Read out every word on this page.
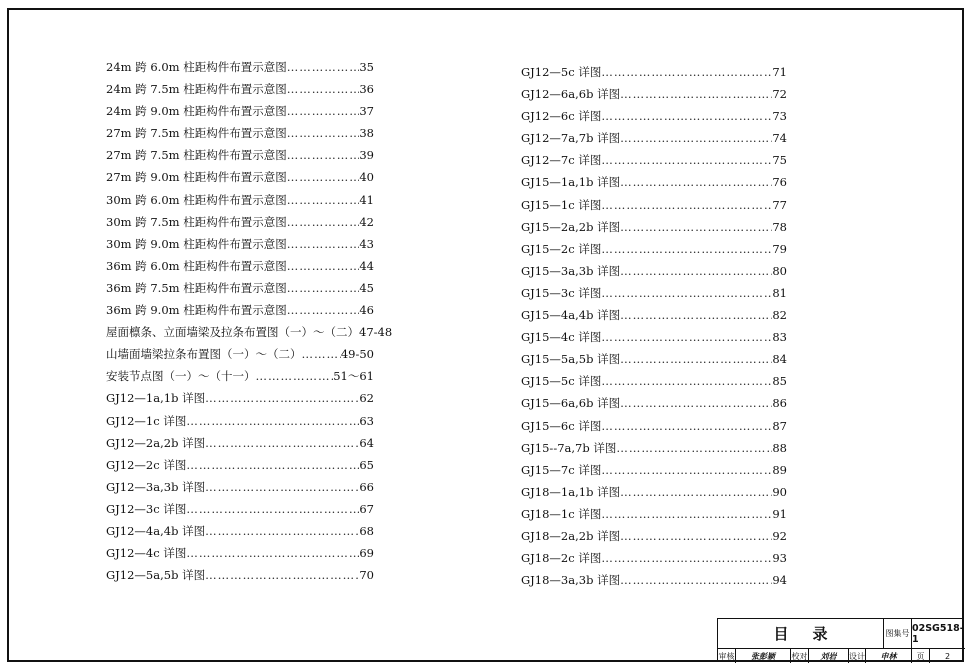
24m 跨 6.0m 柱距构件布置示意图 ………………………………………………………………………………………………	35
24m 跨 7.5m 柱距构件布置示意图 ………………………………………………………………………………………………	36
24m 跨 9.0m 柱距构件布置示意图 ………………………………………………………………………………………………	37
27m 跨 7.5m 柱距构件布置示意图 ………………………………………………………………………………………………	38
27m 跨 7.5m 柱距构件布置示意图 ………………………………………………………………………………………………	39
27m 跨 9.0m 柱距构件布置示意图 ………………………………………………………………………………………………	40
30m 跨 6.0m 柱距构件布置示意图 ………………………………………………………………………………………………	41
30m 跨 7.5m 柱距构件布置示意图 ………………………………………………………………………………………………	42
30m 跨 9.0m 柱距构件布置示意图 ………………………………………………………………………………………………	43
36m 跨 6.0m 柱距构件布置示意图 ………………………………………………………………………………………………	44
36m 跨 7.5m 柱距构件布置示意图 ………………………………………………………………………………………………	45
36m 跨 9.0m 柱距构件布置示意图 ………………………………………………………………………………………………	46
屋面檩条、立面墙梁及拉条布置图（一）～（二） 47-48
山墙面墙梁拉条布置图（一）～（二） ………………………………………………………………………………………………	49-50
安装节点图（一）～（十一） ………………………………………………………………………………………………	51～61
GJ12—1a,1b 详图 ………………………………………………………………………………………………	62
GJ12—1c 详图 ………………………………………………………………………………………………	63
GJ12—2a,2b 详图 ………………………………………………………………………………………………	64
GJ12—2c 详图 ………………………………………………………………………………………………	65
GJ12—3a,3b 详图 ………………………………………………………………………………………………	66
GJ12—3c 详图 ………………………………………………………………………………………………	67
GJ12—4a,4b 详图 ………………………………………………………………………………………………	68
GJ12—4c 详图 ………………………………………………………………………………………………	69
GJ12—5a,5b 详图 ………………………………………………………………………………………………	70
GJ12—5c 详图 ………………………………………………………………………………………………	71
GJ12—6a,6b 详图 ………………………………………………………………………………………………	72
GJ12—6c 详图 ………………………………………………………………………………………………	73
GJ12—7a,7b 详图 ………………………………………………………………………………………………	74
GJ12—7c 详图 ………………………………………………………………………………………………	75
GJ15—1a,1b 详图 ………………………………………………………………………………………………	76
GJ15—1c 详图 ………………………………………………………………………………………………	77
GJ15—2a,2b 详图 ………………………………………………………………………………………………	78
GJ15—2c 详图 ………………………………………………………………………………………………	79
GJ15—3a,3b 详图 ………………………………………………………………………………………………	80
GJ15—3c 详图 ………………………………………………………………………………………………	81
GJ15—4a,4b 详图 ………………………………………………………………………………………………	82
GJ15—4c 详图 ………………………………………………………………………………………………	83
GJ15—5a,5b 详图 ………………………………………………………………………………………………	84
GJ15—5c 详图 ………………………………………………………………………………………………	85
GJ15—6a,6b 详图 ………………………………………………………………………………………………	86
GJ15—6c 详图 ………………………………………………………………………………………………	87
GJ15--7a,7b 详图 ………………………………………………………………………………………………	88
GJ15—7c 详图 ………………………………………………………………………………………………	89
GJ18—1a,1b 详图 ………………………………………………………………………………………………	90
GJ18—1c 详图 ………………………………………………………………………………………………	91
GJ18—2a,2b 详图 ………………………………………………………………………………………………	92
GJ18—2c 详图 ………………………………………………………………………………………………	93
GJ18—3a,3b 详图 ………………………………………………………………………………………………	94
目录	图集号 02SG518-1
审核	张彭颖	校对	刘岩	设计	申林	页	2
